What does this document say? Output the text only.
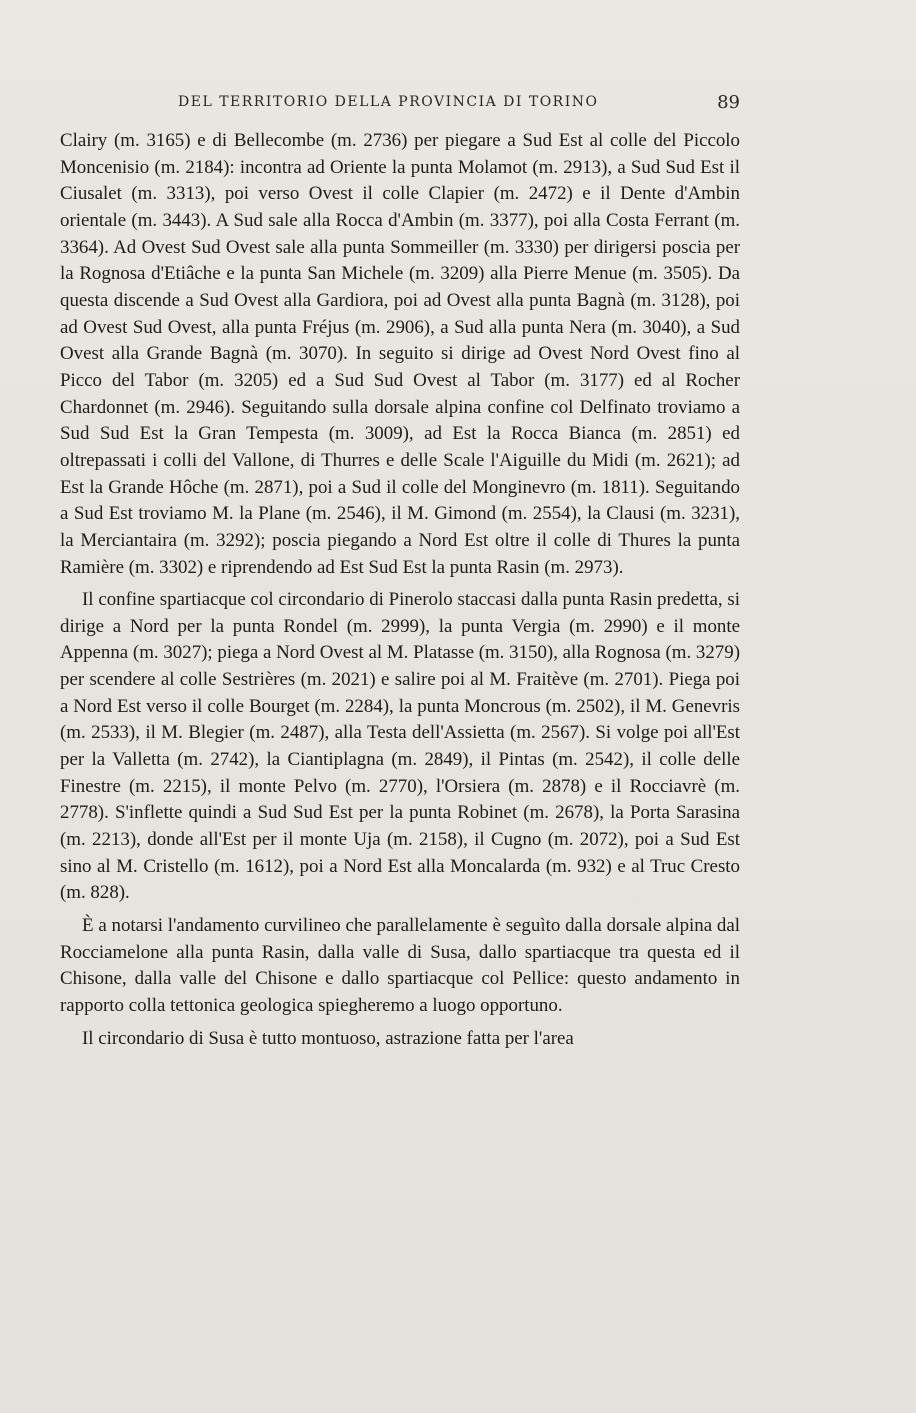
DEL TERRITORIO DELLA PROVINCIA DI TORINO	89

Clairy (m. 3165) e di Bellecombe (m. 2736) per piegare a Sud Est al colle del Piccolo Moncenisio (m. 2184): incontra ad Oriente la punta Molamot (m. 2913), a Sud Sud Est il Ciusalet (m. 3313), poi verso Ovest il colle Clapier (m. 2472) e il Dente d'Ambin orientale (m. 3443). A Sud sale alla Rocca d'Ambin (m. 3377), poi alla Costa Ferrant (m. 3364). Ad Ovest Sud Ovest sale alla punta Sommeiller (m. 3330) per dirigersi poscia per la Rognosa d'Etiâche e la punta San Michele (m. 3209) alla Pierre Menue (m. 3505). Da questa discende a Sud Ovest alla Gardiora, poi ad Ovest alla punta Bagnà (m. 3128), poi ad Ovest Sud Ovest, alla punta Fréjus (m. 2906), a Sud alla punta Nera (m. 3040), a Sud Ovest alla Grande Bagnà (m. 3070). In seguito si dirige ad Ovest Nord Ovest fino al Picco del Tabor (m. 3205) ed a Sud Sud Ovest al Tabor (m. 3177) ed al Rocher Chardonnet (m. 2946). Seguitando sulla dorsale alpina confine col Delfinato troviamo a Sud Sud Est la Gran Tempesta (m. 3009), ad Est la Rocca Bianca (m. 2851) ed oltrepassati i colli del Vallone, di Thurres e delle Scale l'Aiguille du Midi (m. 2621); ad Est la Grande Hôche (m. 2871), poi a Sud il colle del Monginevro (m. 1811). Seguitando a Sud Est troviamo M. la Plane (m. 2546), il M. Gimond (m. 2554), la Clausi (m. 3231), la Merciantaira (m. 3292); poscia piegando a Nord Est oltre il colle di Thures la punta Ramière (m. 3302) e riprendendo ad Est Sud Est la punta Rasin (m. 2973).

Il confine spartiacque col circondario di Pinerolo staccasi dalla punta Rasin predetta, si dirige a Nord per la punta Rondel (m. 2999), la punta Vergia (m. 2990) e il monte Appenna (m. 3027); piega a Nord Ovest al M. Platasse (m. 3150), alla Rognosa (m. 3279) per scendere al colle Sestrières (m. 2021) e salire poi al M. Fraitève (m. 2701). Piega poi a Nord Est verso il colle Bourget (m. 2284), la punta Moncrous (m. 2502), il M. Genevris (m. 2533), il M. Blegier (m. 2487), alla Testa dell'Assietta (m. 2567). Si volge poi all'Est per la Valletta (m. 2742), la Ciantiplagna (m. 2849), il Pintas (m. 2542), il colle delle Finestre (m. 2215), il monte Pelvo (m. 2770), l'Orsiera (m. 2878) e il Rocciavrè (m. 2778). S'inflette quindi a Sud Sud Est per la punta Robinet (m. 2678), la Porta Sarasina (m. 2213), donde all'Est per il monte Uja (m. 2158), il Cugno (m. 2072), poi a Sud Est sino al M. Cristello (m. 1612), poi a Nord Est alla Moncalarda (m. 932) e al Truc Cresto (m. 828).

È a notarsi l'andamento curvilineo che parallelamente è seguìto dalla dorsale alpina dal Rocciamelone alla punta Rasin, dalla valle di Susa, dallo spartiacque tra questa ed il Chisone, dalla valle del Chisone e dallo spartiacque col Pellice: questo andamento in rapporto colla tettonica geologica spiegheremo a luogo opportuno.

Il circondario di Susa è tutto montuoso, astrazione fatta per l'area
